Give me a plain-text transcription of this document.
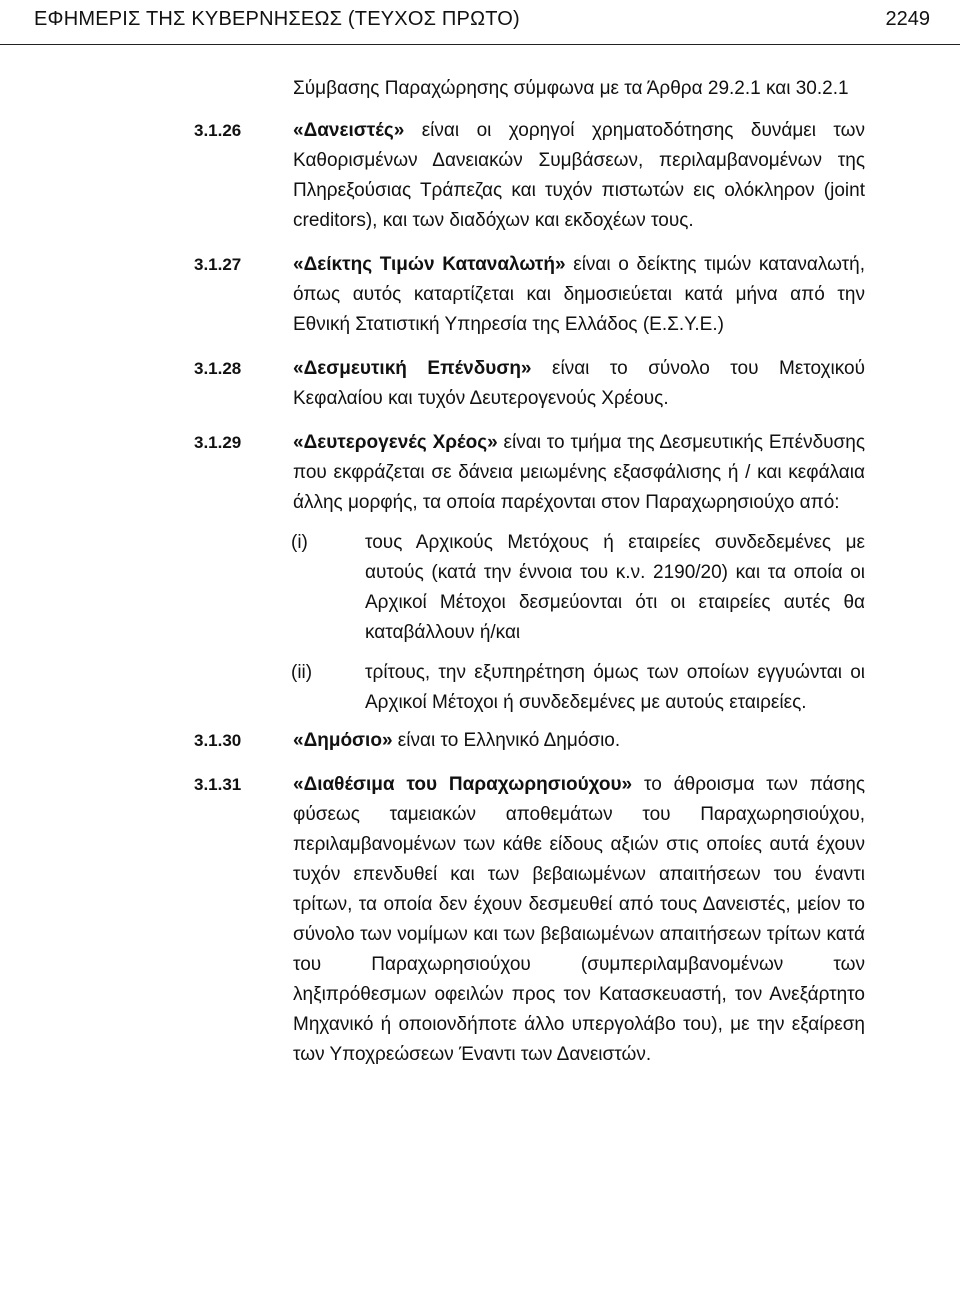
ΕΦΗΜΕΡΙΣ ΤΗΣ ΚΥΒΕΡΝΗΣΕΩΣ (ΤΕΥΧΟΣ ΠΡΩΤΟ)	2249
Σύμβασης Παραχώρησης σύμφωνα με τα Άρθρα 29.2.1 και 30.2.1
3.1.26	«Δανειστές» είναι οι χορηγοί χρηματοδότησης δυνάμει των Καθορισμένων Δανειακών Συμβάσεων, περιλαμβανομένων της Πληρεξούσιας Τράπεζας και τυχόν πιστωτών εις ολόκληρον (joint creditors), και των διαδόχων και εκδοχέων τους.
3.1.27	«Δείκτης Τιμών Καταναλωτή» είναι ο δείκτης τιμών καταναλωτή, όπως αυτός καταρτίζεται και δημοσιεύεται κατά μήνα από την Εθνική Στατιστική Υπηρεσία της Ελλάδος (Ε.Σ.Υ.Ε.)
3.1.28	«Δεσμευτική Επένδυση» είναι το σύνολο του Μετοχικού Κεφαλαίου και τυχόν Δευτερογενούς Χρέους.
3.1.29	«Δευτερογενές Χρέος» είναι το τμήμα της Δεσμευτικής Επένδυσης που εκφράζεται σε δάνεια μειωμένης εξασφάλισης ή / και κεφάλαια άλλης μορφής, τα οποία παρέχονται στον Παραχωρησιούχο από:
(i)	τους Αρχικούς Μετόχους ή εταιρείες συνδεδεμένες με αυτούς (κατά την έννοια του κ.ν. 2190/20) και τα οποία οι Αρχικοί Μέτοχοι δεσμεύονται ότι οι εταιρείες αυτές θα καταβάλλουν ή/και
(ii)	τρίτους, την εξυπηρέτηση όμως των οποίων εγγυώνται οι Αρχικοί Μέτοχοι ή συνδεδεμένες με αυτούς εταιρείες.
3.1.30	«Δημόσιο» είναι το Ελληνικό Δημόσιο.
3.1.31	«Διαθέσιμα του Παραχωρησιούχου» το άθροισμα των πάσης φύσεως ταμειακών αποθεμάτων του Παραχωρησιούχου, περιλαμβανομένων των κάθε είδους αξιών στις οποίες αυτά έχουν τυχόν επενδυθεί και των βεβαιωμένων απαιτήσεων του έναντι τρίτων, τα οποία δεν έχουν δεσμευθεί από τους Δανειστές, μείον το σύνολο των νομίμων και των βεβαιωμένων απαιτήσεων τρίτων κατά του Παραχωρησιούχου (συμπεριλαμβανομένων των ληξιπρόθεσμων οφειλών προς τον Κατασκευαστή, τον Ανεξάρτητο Μηχανικό ή οποιονδήποτε άλλο υπεργολάβο του), με την εξαίρεση των Υποχρεώσεων Έναντι των Δανειστών.
